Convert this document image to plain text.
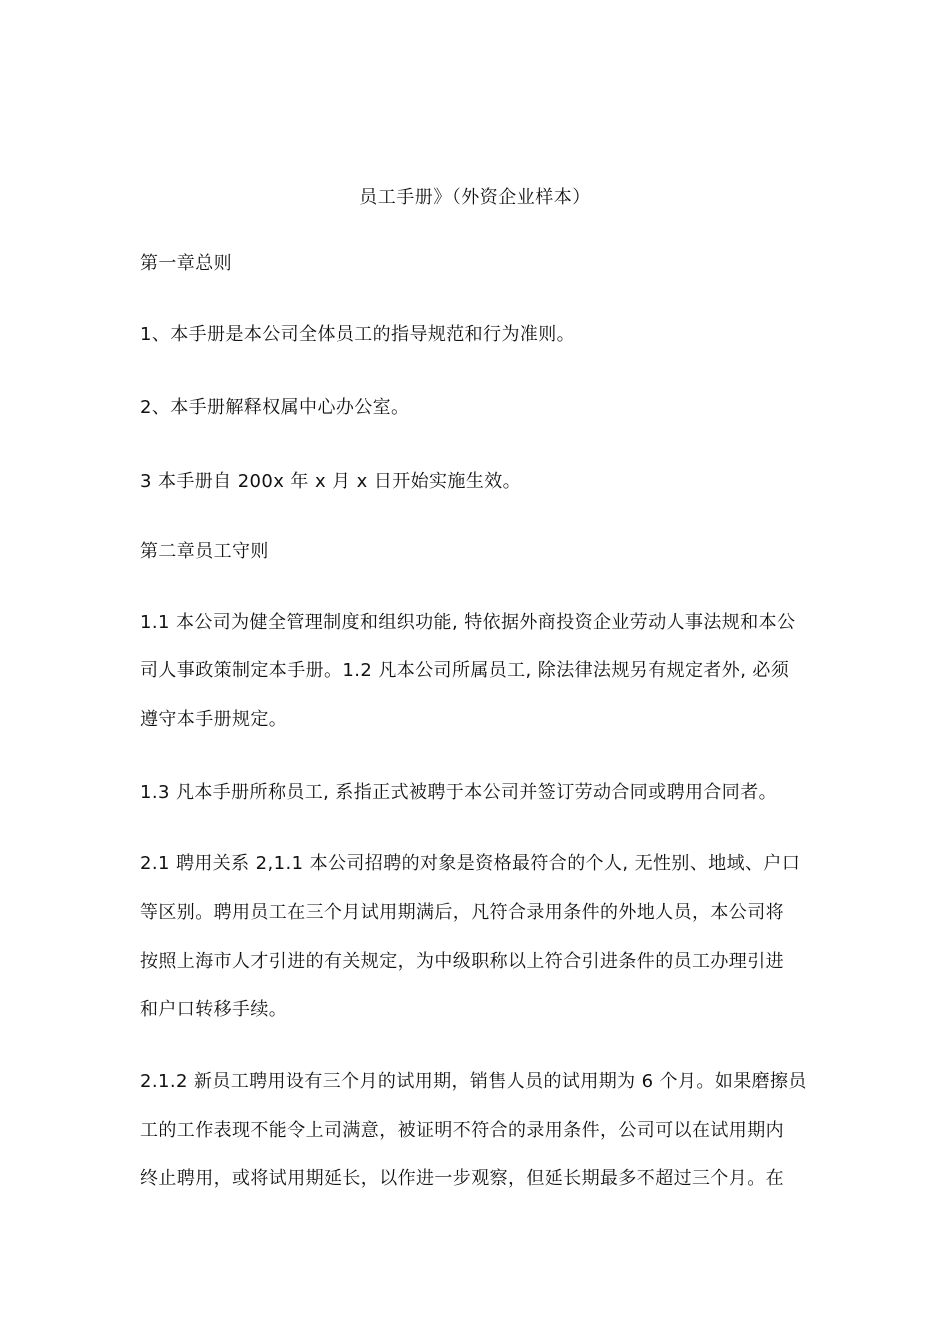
员工手册》（外资企业样本）
第一章总则
1、本手册是本公司全体员工的指导规范和行为准则。
2、本手册解释权属中心办公室。
3 本手册自 200x 年 x 月 x 日开始实施生效。
第二章员工守则
1.1 本公司为健全管理制度和组织功能, 特依据外商投资企业劳动人事法规和本公
司人事政策制定本手册。1.2 凡本公司所属员工, 除法律法规另有规定者外, 必须
遵守本手册规定。
1.3 凡本手册所称员工, 系指正式被聘于本公司并签订劳动合同或聘用合同者。
2.1 聘用关系 2,1.1 本公司招聘的对象是资格最符合的个人, 无性别、地域、户口
等区别。聘用员工在三个月试用期满后，凡符合录用条件的外地人员，本公司将
按照上海市人才引进的有关规定，为中级职称以上符合引进条件的员工办理引进
和户口转移手续。
2.1.2 新员工聘用设有三个月的试用期，销售人员的试用期为 6 个月。如果磨擦员
工的工作表现不能令上司满意，被证明不符合的录用条件，公司可以在试用期内
终止聘用，或将试用期延长，以作进一步观察，但延长期最多不超过三个月。在
